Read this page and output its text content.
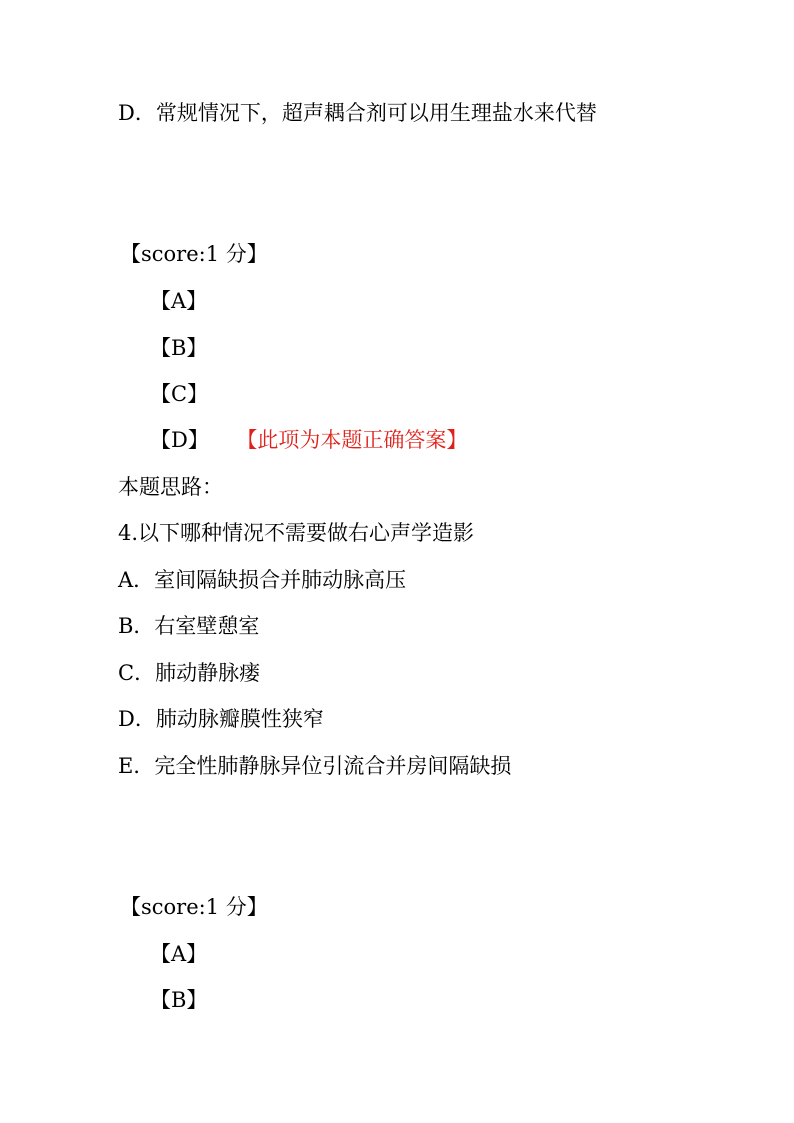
D．常规情况下，超声耦合剂可以用生理盐水来代替
【score:1 分】
【A】
【B】
【C】
【D】 【此项为本题正确答案】
本题思路：
4.以下哪种情况不需要做右心声学造影
A．室间隔缺损合并肺动脉高压
B．右室壁憩室
C．肺动静脉瘘
D．肺动脉瓣膜性狭窄
E．完全性肺静脉异位引流合并房间隔缺损
【score:1 分】
【A】
【B】
